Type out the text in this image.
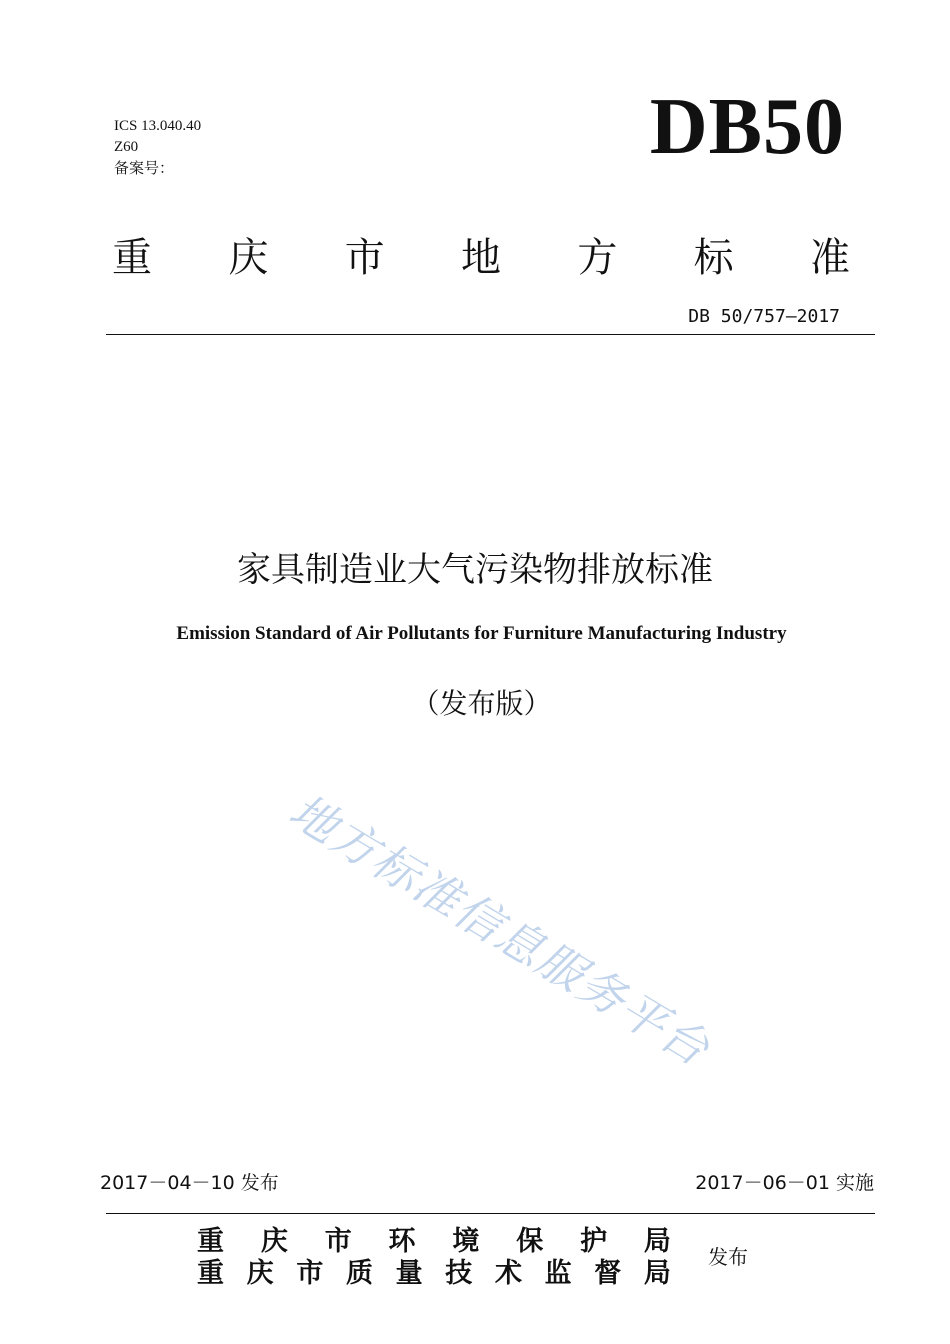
ICS 13.040.40
Z60
备案号：	DB50
重 庆 市 地 方 标 准
DB 50/757—2017
家具制造业大气污染物排放标准
Emission Standard of Air Pollutants for Furniture Manufacturing Industry
（发布版）
地方标准信息服务平台
2017－04－10 发布	2017－06－01 实施
重 庆 市 环 境 保 护 局
重 庆 市 质 量 技 术 监 督 局
发布
